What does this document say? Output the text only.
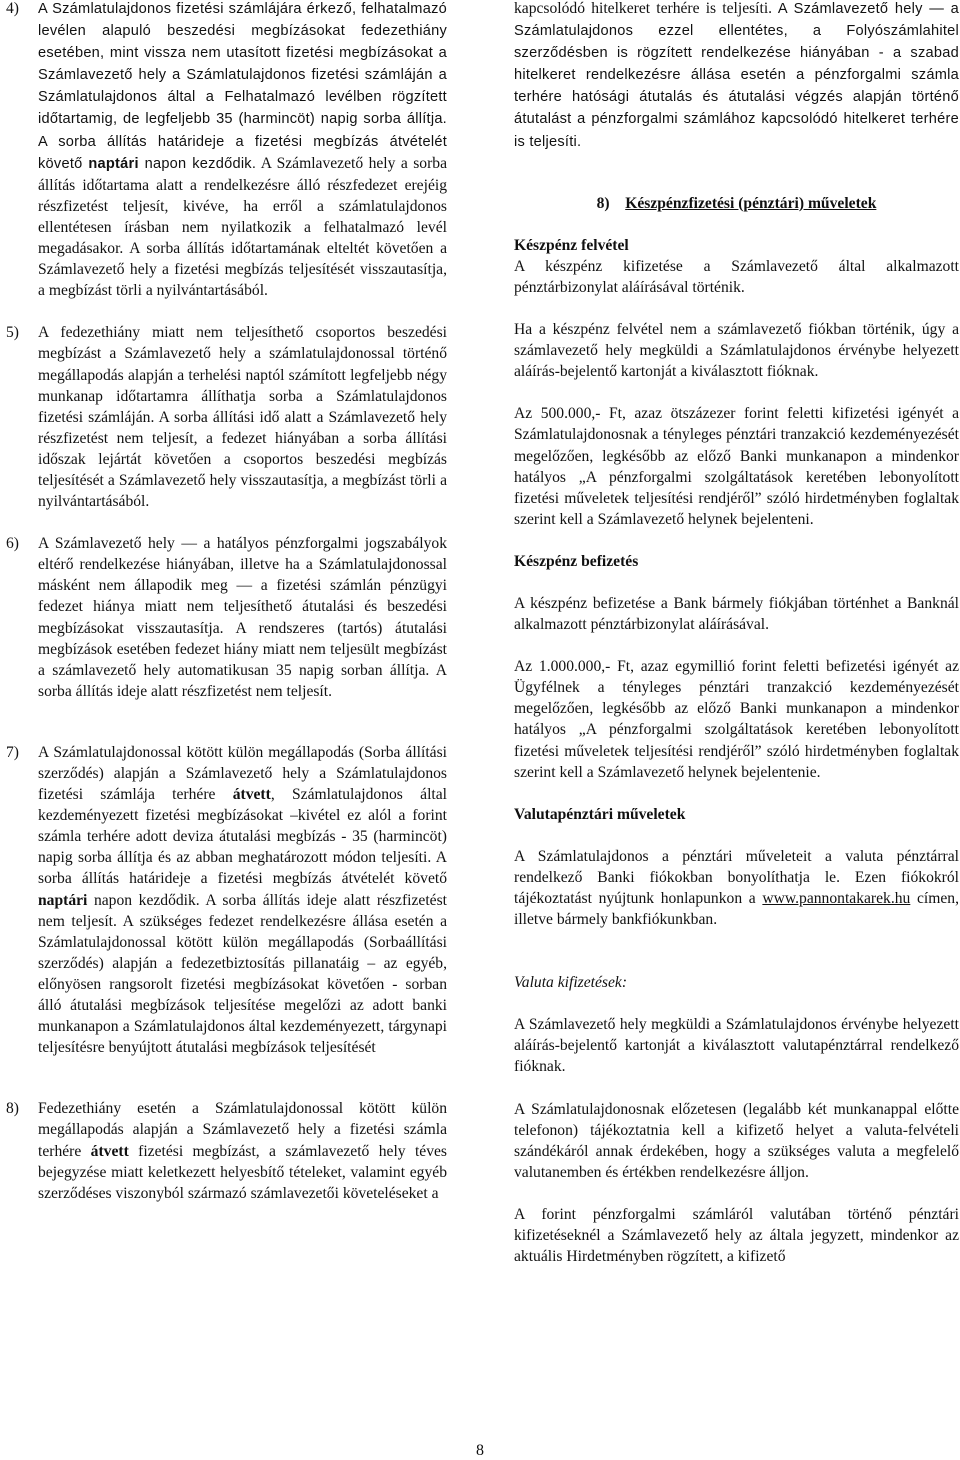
4)	A Számlatulajdonos fizetési számlájára érkező, felhatalmazó levélen alapuló beszedési megbízásokat fedezethiány esetében, mint vissza nem utasított fizetési megbízásokat a Számlavezető hely a Számlatulajdonos fizetési számláján a Számlatulajdonos által a Felhatalmazó levélben rögzített időtartamig, de legfeljebb 35 (harmincöt) napig sorba állítja. A sorba állítás határideje a fizetési megbízás átvételét követő naptári napon kezdődik. A Számlavezető hely a sorba állítás időtartama alatt a rendelkezésre álló részfedezet erejéig részfizetést teljesít, kivéve, ha erről a számlatulajdonos ellentétesen írásban nem nyilatkozik a felhatalmazó levél megadásakor. A sorba állítás időtartamának elteltét követően a Számlavezető hely a fizetési megbízás teljesítését visszautasítja, a megbízást törli a nyilvántartásából.
5)	A fedezethiány miatt nem teljesíthető csoportos beszedési megbízást a Számlavezető hely a számlatulajdonossal történő megállapodás alapján a terhelési naptól számított legfeljebb négy munkanap időtartamra állíthatja sorba a Számlatulajdonos fizetési számláján. A sorba állítási idő alatt a Számlavezető hely részfizetést nem teljesít, a fedezet hiányában a sorba állítási időszak lejártát követően a csoportos beszedési megbízás teljesítését a Számlavezető hely visszautasítja, a megbízást törli a nyilvántartásából.
6)	A Számlavezető hely — a hatályos pénzforgalmi jogszabályok eltérő rendelkezése hiányában, illetve ha a Számlatulajdonossal másként nem állapodik meg — a fizetési számlán pénzügyi fedezet hiánya miatt nem teljesíthető átutalási és beszedési megbízásokat visszautasítja. A rendszeres (tartós) átutalási megbízások esetében fedezet hiány miatt nem teljesült megbízást a számlavezető hely automatikusan 35 napig sorban állítja. A sorba állítás ideje alatt részfizetést nem teljesít.
7)	A Számlatulajdonossal kötött külön megállapodás (Sorba állítási szerződés) alapján a Számlavezető hely a Számlatulajdonos fizetési számlája terhére átvett, Számlatulajdonos által kezdeményezett fizetési megbízásokat –kivétel ez alól a forint számla terhére adott deviza átutalási megbízás - 35 (harmincöt) napig sorba állítja és az abban meghatározott módon teljesíti. A sorba állítás határideje a fizetési megbízás átvételét követő naptári napon kezdődik. A sorba állítás ideje alatt részfizetést nem teljesít. A szükséges fedezet rendelkezésre állása esetén a Számlatulajdonossal kötött külön megállapodás (Sorbaállítási szerződés) alapján a fedezetbiztosítás pillanatáig – az egyéb, előnyösen rangsorolt fizetési megbízásokat követően - sorban álló átutalási megbízások teljesítése megelőzi az adott banki munkanapon a Számlatulajdonos által kezdeményezett, tárgynapi teljesítésre benyújtott átutalási megbízások teljesítését
8)	Fedezethiány esetén a Számlatulajdonossal kötött külön megállapodás alapján a Számlavezető hely a fizetési számla terhére átvett fizetési megbízást, a számlavezető hely téves bejegyzése miatt keletkezett helyesbítő tételeket, valamint egyéb szerződéses viszonyból származó számlavezetői követeléseket a

kapcsolódó hitelkeret terhére is teljesíti. A Számlavezető hely — a Számlatulajdonos ezzel ellentétes, a Folyószámlahitel szerződésben is rögzített rendelkezése hiányában - a szabad hitelkeret rendelkezésre állása esetén a pénzforgalmi számla terhére hatósági átutalás és átutalási végzés alapján történő átutalást a pénzforgalmi számlához kapcsolódó hitelkeret terhére is teljesíti.

8) Készpénzfizetési (pénztári) műveletek

Készpénz felvétel

A készpénz kifizetése a Számlavezető által alkalmazott pénztárbizonylat aláírásával történik.

Ha a készpénz felvétel nem a számlavezető fiókban történik, úgy a számlavezető hely megküldi a Számlatulajdonos érvénybe helyezett aláírás-bejelentő kartonját a kiválasztott fióknak.

Az 500.000,- Ft, azaz ötszázezer forint feletti kifizetési igényét a Számlatulajdonosnak a tényleges pénztári tranzakció kezdeményezését megelőzően, legkésőbb az előző Banki munkanapon a mindenkor hatályos „A pénzforgalmi szolgáltatások keretében lebonyolított fizetési műveletek teljesítési rendjéről” szóló hirdetményben foglaltak szerint kell a Számlavezető helynek bejelenteni.

Készpénz befizetés

A készpénz befizetése a Bank bármely fiókjában történhet a Banknál alkalmazott pénztárbizonylat aláírásával.

Az 1.000.000,- Ft, azaz egymillió forint feletti befizetési igényét az Ügyfélnek a tényleges pénztári tranzakció kezdeményezését megelőzően, legkésőbb az előző Banki munkanapon a mindenkor hatályos „A pénzforgalmi szolgáltatások keretében lebonyolított fizetési műveletek teljesítési rendjéről” szóló hirdetményben foglaltak szerint kell a Számlavezető helynek bejelentenie.

Valutapénztári műveletek

A Számlatulajdonos a pénztári műveleteit a valuta pénztárral rendelkező Banki fiókokban bonyolíthatja le. Ezen fiókokról tájékoztatást nyújtunk honlapunkon a www.pannontakarek.hu címen, illetve bármely bankfiókunkban.

Valuta kifizetések:

A Számlavezető hely megküldi a Számlatulajdonos érvénybe helyezett aláírás-bejelentő kartonját a kiválasztott valutapénztárral rendelkező fióknak.

A Számlatulajdonosnak előzetesen (legalább két munkanappal előtte telefonon) tájékoztatnia kell a kifizető helyet a valuta-felvételi szándékáról annak érdekében, hogy a szükséges valuta a megfelelő valutanemben és értékben rendelkezésre álljon.

A forint pénzforgalmi számláról valutában történő pénztári kifizetéseknél a Számlavezető hely az általa jegyzett, mindenkor az aktuális Hirdetményben rögzített, a kifizető

8
